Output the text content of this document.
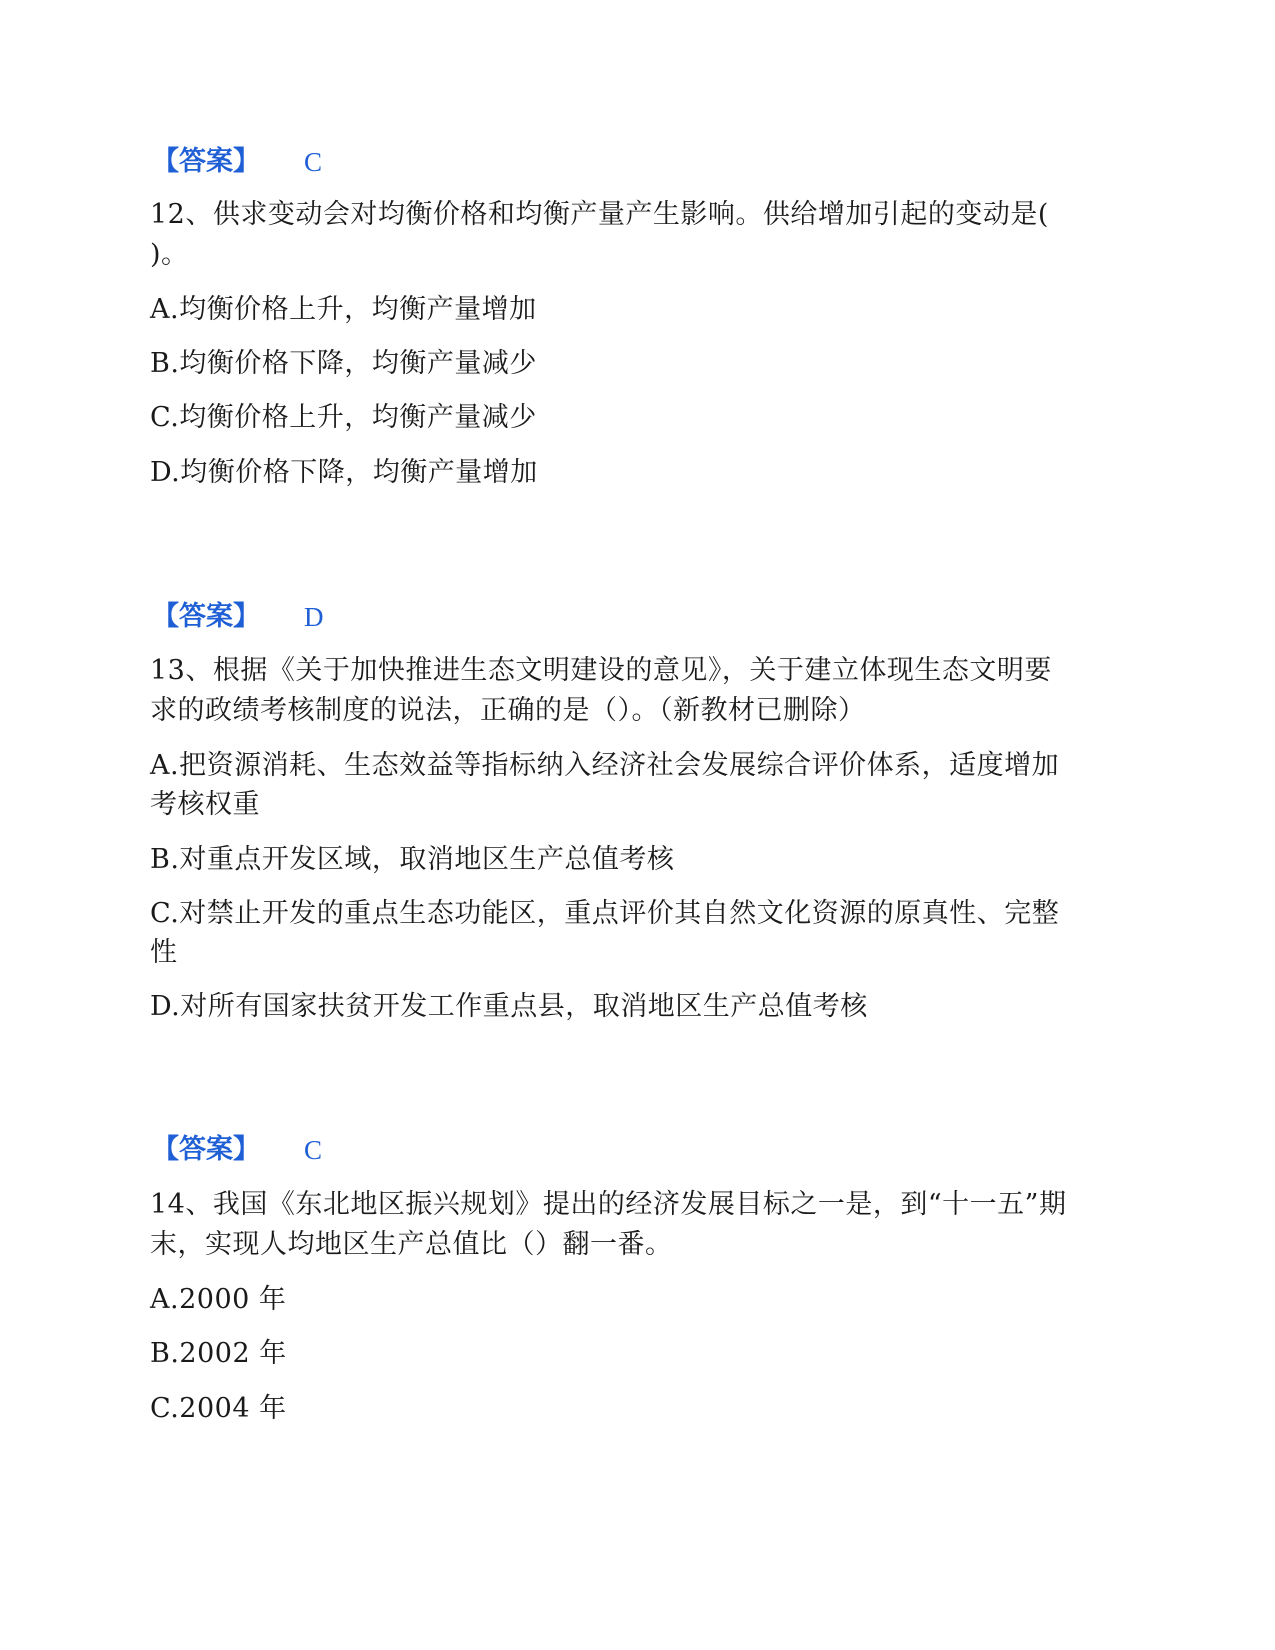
【答案】 C
12、供求变动会对均衡价格和均衡产量产生影响。供给增加引起的变动是(
)。
A.均衡价格上升，均衡产量增加
B.均衡价格下降，均衡产量减少
C.均衡价格上升，均衡产量减少
D.均衡价格下降，均衡产量增加
【答案】 D
13、根据《关于加快推进生态文明建设的意见》，关于建立体现生态文明要
求的政绩考核制度的说法，正确的是（）。（新教材已删除）
A.把资源消耗、生态效益等指标纳入经济社会发展综合评价体系，适度增加
考核权重
B.对重点开发区域，取消地区生产总值考核
C.对禁止开发的重点生态功能区，重点评价其自然文化资源的原真性、完整
性
D.对所有国家扶贫开发工作重点县，取消地区生产总值考核
【答案】 C
14、我国《东北地区振兴规划》提出的经济发展目标之一是，到“十一五”期
末，实现人均地区生产总值比（）翻一番。
A.2000 年
B.2002 年
C.2004 年
